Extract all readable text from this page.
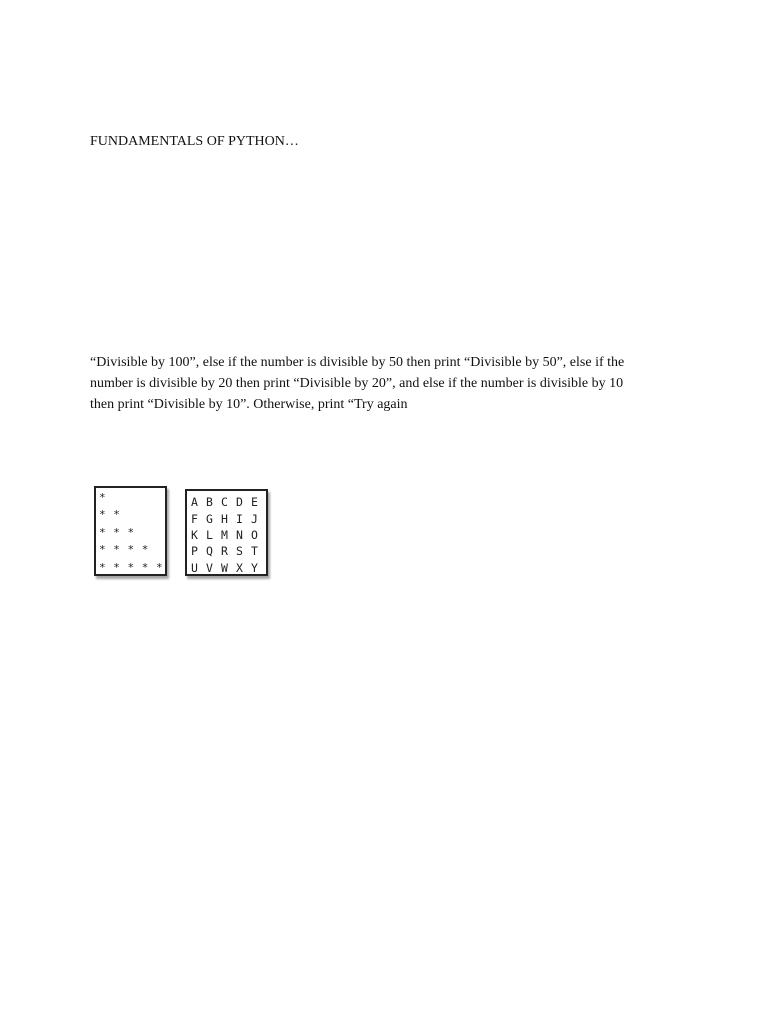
FUNDAMENTALS OF PYTHON…
“Divisible by 100”, else if the number is divisible by 50 then print “Divisible by 50”, else if the
number is divisible by 20 then print “Divisible by 20”, and else if the number is divisible by 10
then print “Divisible by 10”. Otherwise, print “Try again
*
* *
* * *
* * * *
* * * * *
A B C D E
F G H I J
K L M N O
P Q R S T
U V W X Y
